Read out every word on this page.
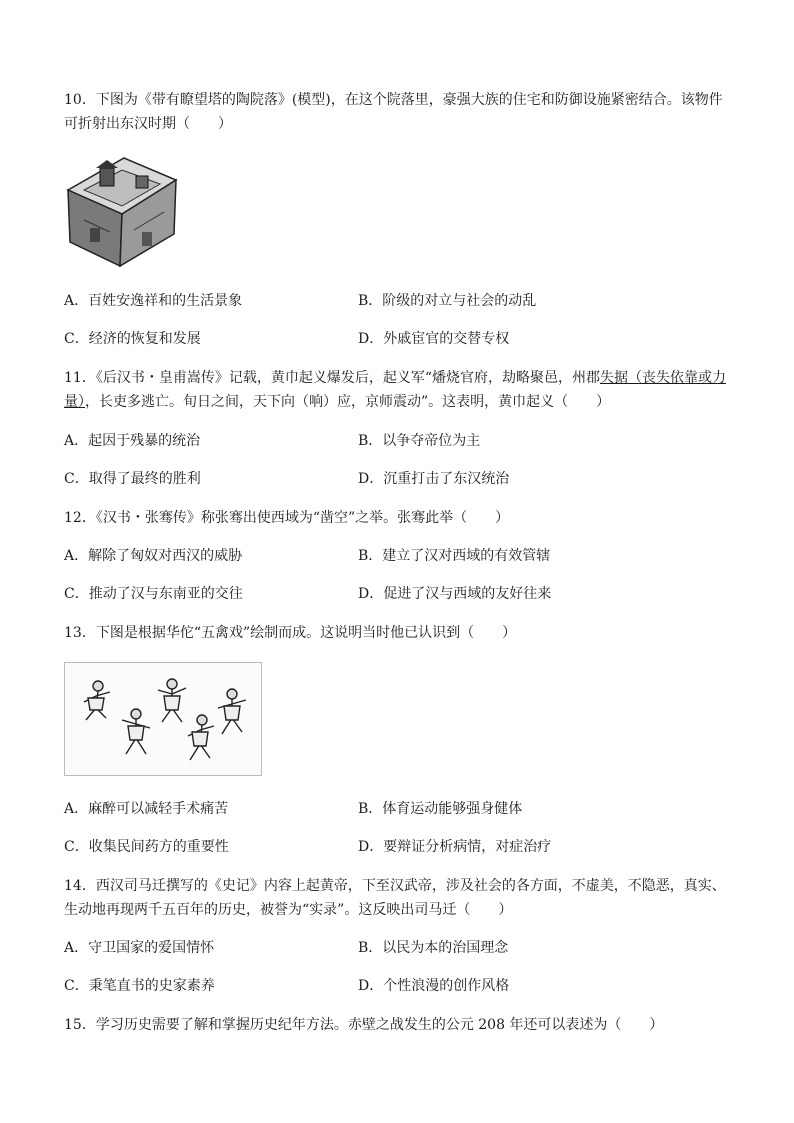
10．下图为《带有瞭望塔的陶院落》(模型)，在这个院落里，豪强大族的住宅和防御设施紧密结合。该物件可折射出东汉时期（　　）
A．百姓安逸祥和的生活景象	B．阶级的对立与社会的动乱
C．经济的恢复和发展	D．外戚宦官的交替专权
11．《后汉书・皇甫嵩传》记载，黄巾起义爆发后，起义军“燔烧官府，劫略聚邑，州郡失据（丧失依靠或力量），长吏多逃亡。旬日之间，天下向（响）应，京师震动”。这表明，黄巾起义（　　）
A．起因于残暴的统治	B．以争夺帝位为主
C．取得了最终的胜利	D．沉重打击了东汉统治
12．《汉书・张骞传》称张骞出使西域为“凿空”之举。张骞此举（　　）
A．解除了匈奴对西汉的威胁	B．建立了汉对西域的有效管辖
C．推动了汉与东南亚的交往	D．促进了汉与西域的友好往来
13．下图是根据华佗“五禽戏”绘制而成。这说明当时他已认识到（　　）
A．麻醉可以减轻手术痛苦	B．体育运动能够强身健体
C．收集民间药方的重要性	D．要辩证分析病情，对症治疗
14．西汉司马迁撰写的《史记》内容上起黄帝，下至汉武帝，涉及社会的各方面，不虚美，不隐恶，真实、生动地再现两千五百年的历史，被誉为“实录”。这反映出司马迁（　　）
A．守卫国家的爱国情怀	B．以民为本的治国理念
C．秉笔直书的史家素养	D．个性浪漫的创作风格
15．学习历史需要了解和掌握历史纪年方法。赤壁之战发生的公元 208 年还可以表述为（　　）
